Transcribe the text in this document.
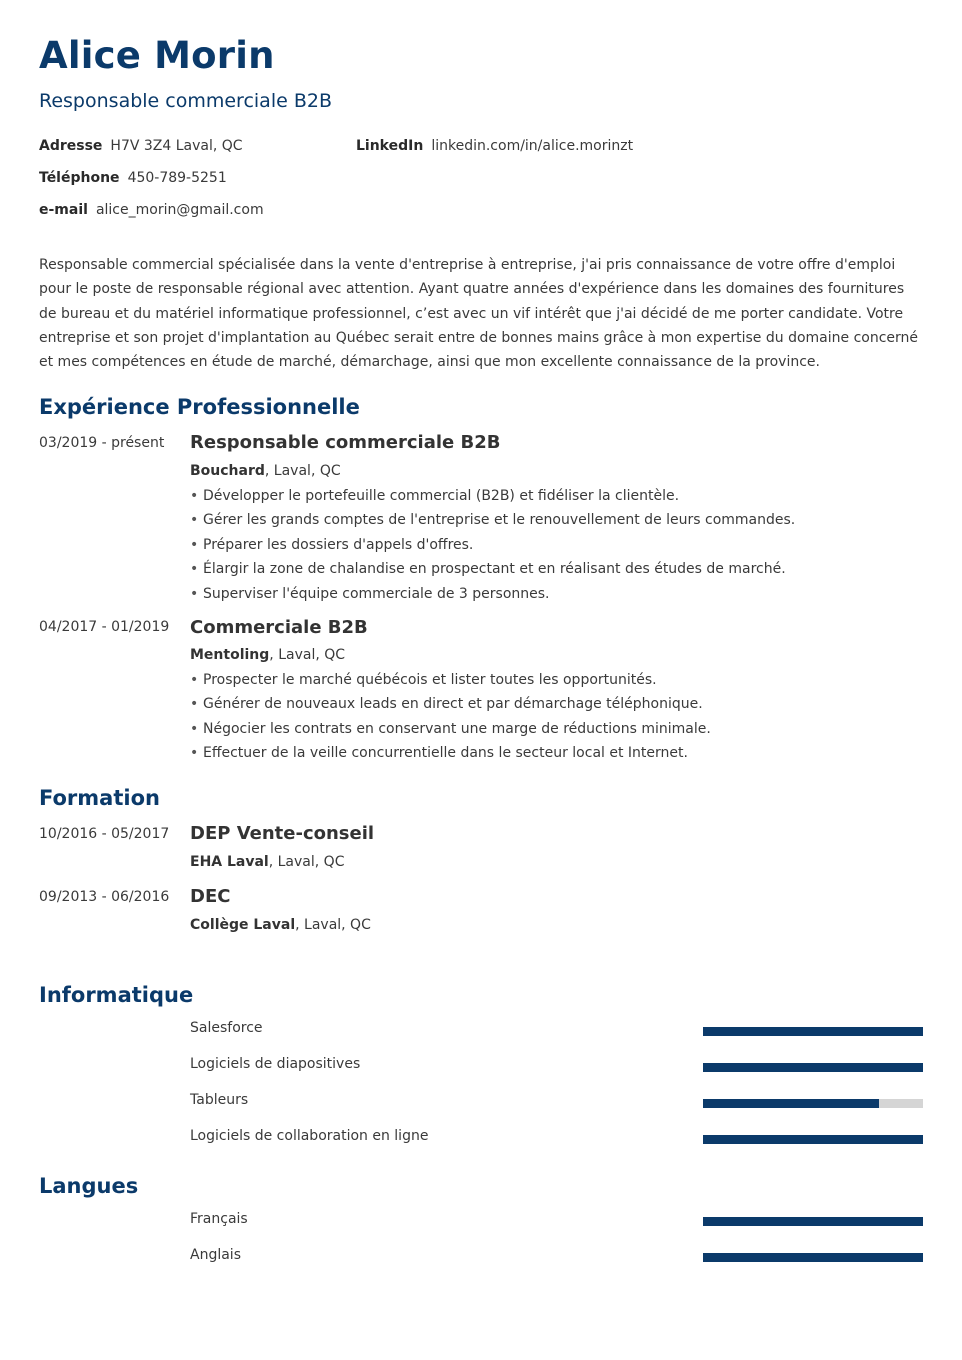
Alice Morin
Responsable commerciale B2B
Adresse H7V 3Z4 Laval, QC	LinkedIn linkedin.com/in/alice.morinzt
Téléphone 450-789-5251
e-mail alice_morin@gmail.com

Responsable commercial spécialisée dans la vente d'entreprise à entreprise, j'ai pris connaissance de votre offre d'emploi pour le poste de responsable régional avec attention. Ayant quatre années d'expérience dans les domaines des fournitures de bureau et du matériel informatique professionnel, c’est avec un vif intérêt que j'ai décidé de me porter candidate. Votre entreprise et son projet d'implantation au Québec serait entre de bonnes mains grâce à mon expertise du domaine concerné et mes compétences en étude de marché, démarchage, ainsi que mon excellente connaissance de la province.

Expérience Professionnelle
03/2019 - présent Responsable commerciale B2B
Bouchard, Laval, QC
• Développer le portefeuille commercial (B2B) et fidéliser la clientèle.
• Gérer les grands comptes de l'entreprise et le renouvellement de leurs commandes.
• Préparer les dossiers d'appels d'offres.
• Élargir la zone de chalandise en prospectant et en réalisant des études de marché.
• Superviser l'équipe commerciale de 3 personnes.
04/2017 - 01/2019 Commerciale B2B
Mentoling, Laval, QC
• Prospecter le marché québécois et lister toutes les opportunités.
• Générer de nouveaux leads en direct et par démarchage téléphonique.
• Négocier les contrats en conservant une marge de réductions minimale.
• Effectuer de la veille concurrentielle dans le secteur local et Internet.
Formation
10/2016 - 05/2017 DEP Vente-conseil
EHA Laval, Laval, QC
09/2013 - 06/2016 DEC
Collège Laval, Laval, QC
Informatique
Salesforce
Logiciels de diapositives
Tableurs
Logiciels de collaboration en ligne
Langues
Français
Anglais
